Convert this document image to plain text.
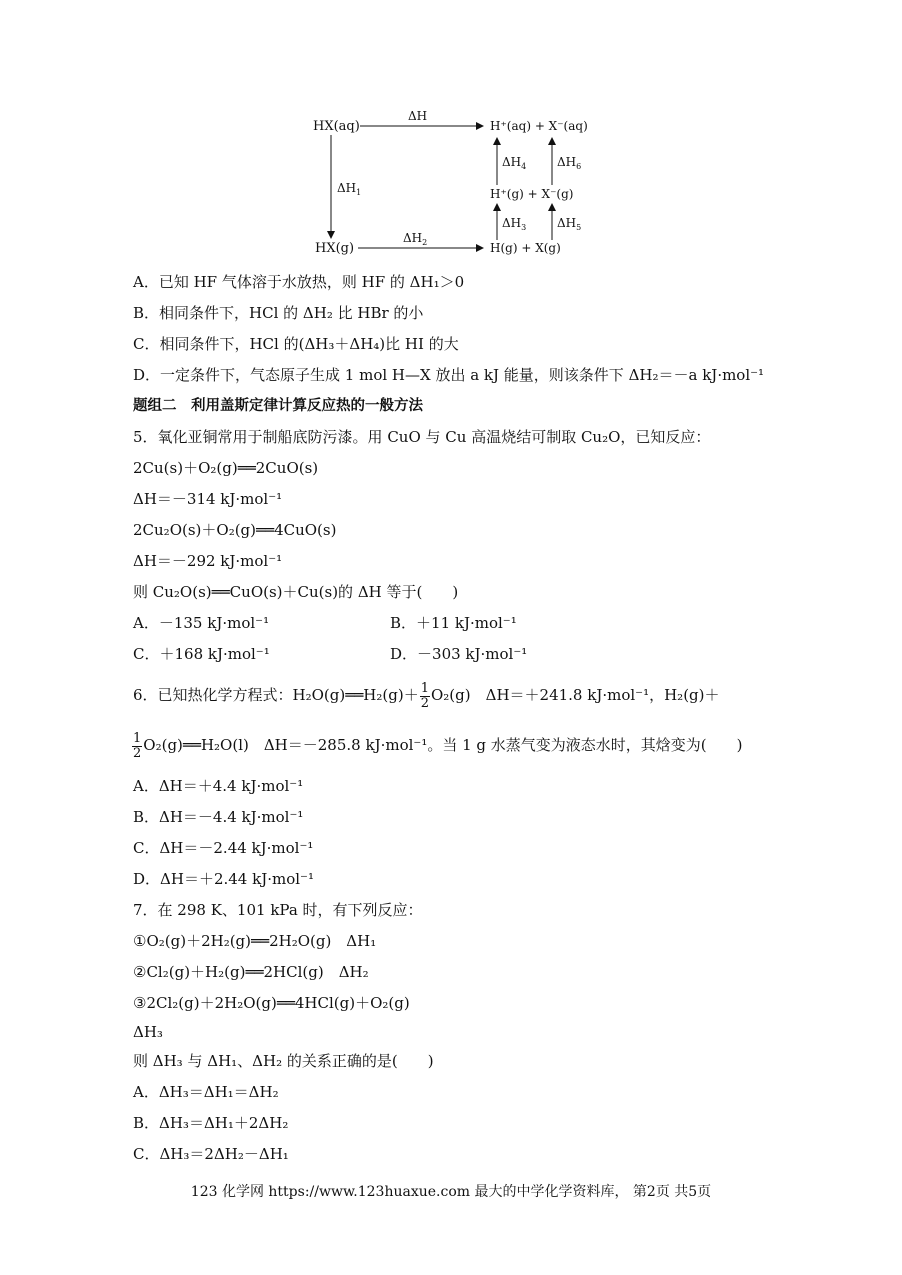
HX(aq)	H⁺(aq) + X⁻(aq)
H⁺(g) + X⁻(g)
HX(g)	H(g) + X(g)
ΔH
$\Delta H_1$
$\Delta H_2$
$\Delta H_4$	$\Delta H_6$
$\Delta H_3$	$\Delta H_5$
A．已知 HF 气体溶于水放热，则 HF 的 ΔH₁＞0
B．相同条件下，HCl 的 ΔH₂ 比 HBr 的小
C．相同条件下，HCl 的(ΔH₃＋ΔH₄)比 HI 的大
D．一定条件下，气态原子生成 1 mol H—X 放出 a kJ 能量，则该条件下 ΔH₂＝－a kJ·mol⁻¹
题组二　利用盖斯定律计算反应热的一般方法
5．氧化亚铜常用于制船底防污漆。用 CuO 与 Cu 高温烧结可制取 Cu₂O，已知反应：
2Cu(s)＋O₂(g)══2CuO(s)
ΔH＝－314 kJ·mol⁻¹
2Cu₂O(s)＋O₂(g)══4CuO(s)
ΔH＝－292 kJ·mol⁻¹
则 Cu₂O(s)══CuO(s)＋Cu(s)的 ΔH 等于(　　)
A．－135 kJ·mol⁻¹	B．＋11 kJ·mol⁻¹
C．＋168 kJ·mol⁻¹	D．－303 kJ·mol⁻¹
6．已知热化学方程式：H₂O(g)══H₂(g)＋ $\frac{1}{2} O_2(g)$　ΔH＝＋241.8 kJ·mol⁻¹，H₂(g)＋
$\frac{1}{2}$ O₂(g)══H₂O(l)　ΔH＝－285.8 kJ·mol⁻¹。当 1 g 水蒸气变为液态水时，其焓变为(　　)
A．ΔH＝＋4.4 kJ·mol⁻¹
B．ΔH＝－4.4 kJ·mol⁻¹
C．ΔH＝－2.44 kJ·mol⁻¹
D．ΔH＝＋2.44 kJ·mol⁻¹
7．在 298 K、101 kPa 时，有下列反应：
①O₂(g)＋2H₂(g)══2H₂O(g)　ΔH₁
②Cl₂(g)＋H₂(g)══2HCl(g)　ΔH₂
③2Cl₂(g)＋2H₂O(g)══4HCl(g)＋O₂(g)
ΔH₃
则 ΔH₃ 与 ΔH₁、ΔH₂ 的关系正确的是(　　)
A．ΔH₃＝ΔH₁＝ΔH₂
B．ΔH₃＝ΔH₁＋2ΔH₂
C．ΔH₃＝2ΔH₂－ΔH₁
123 化学网 https://www.123huaxue.com 最大的中学化学资料库， 第2页 共5页
